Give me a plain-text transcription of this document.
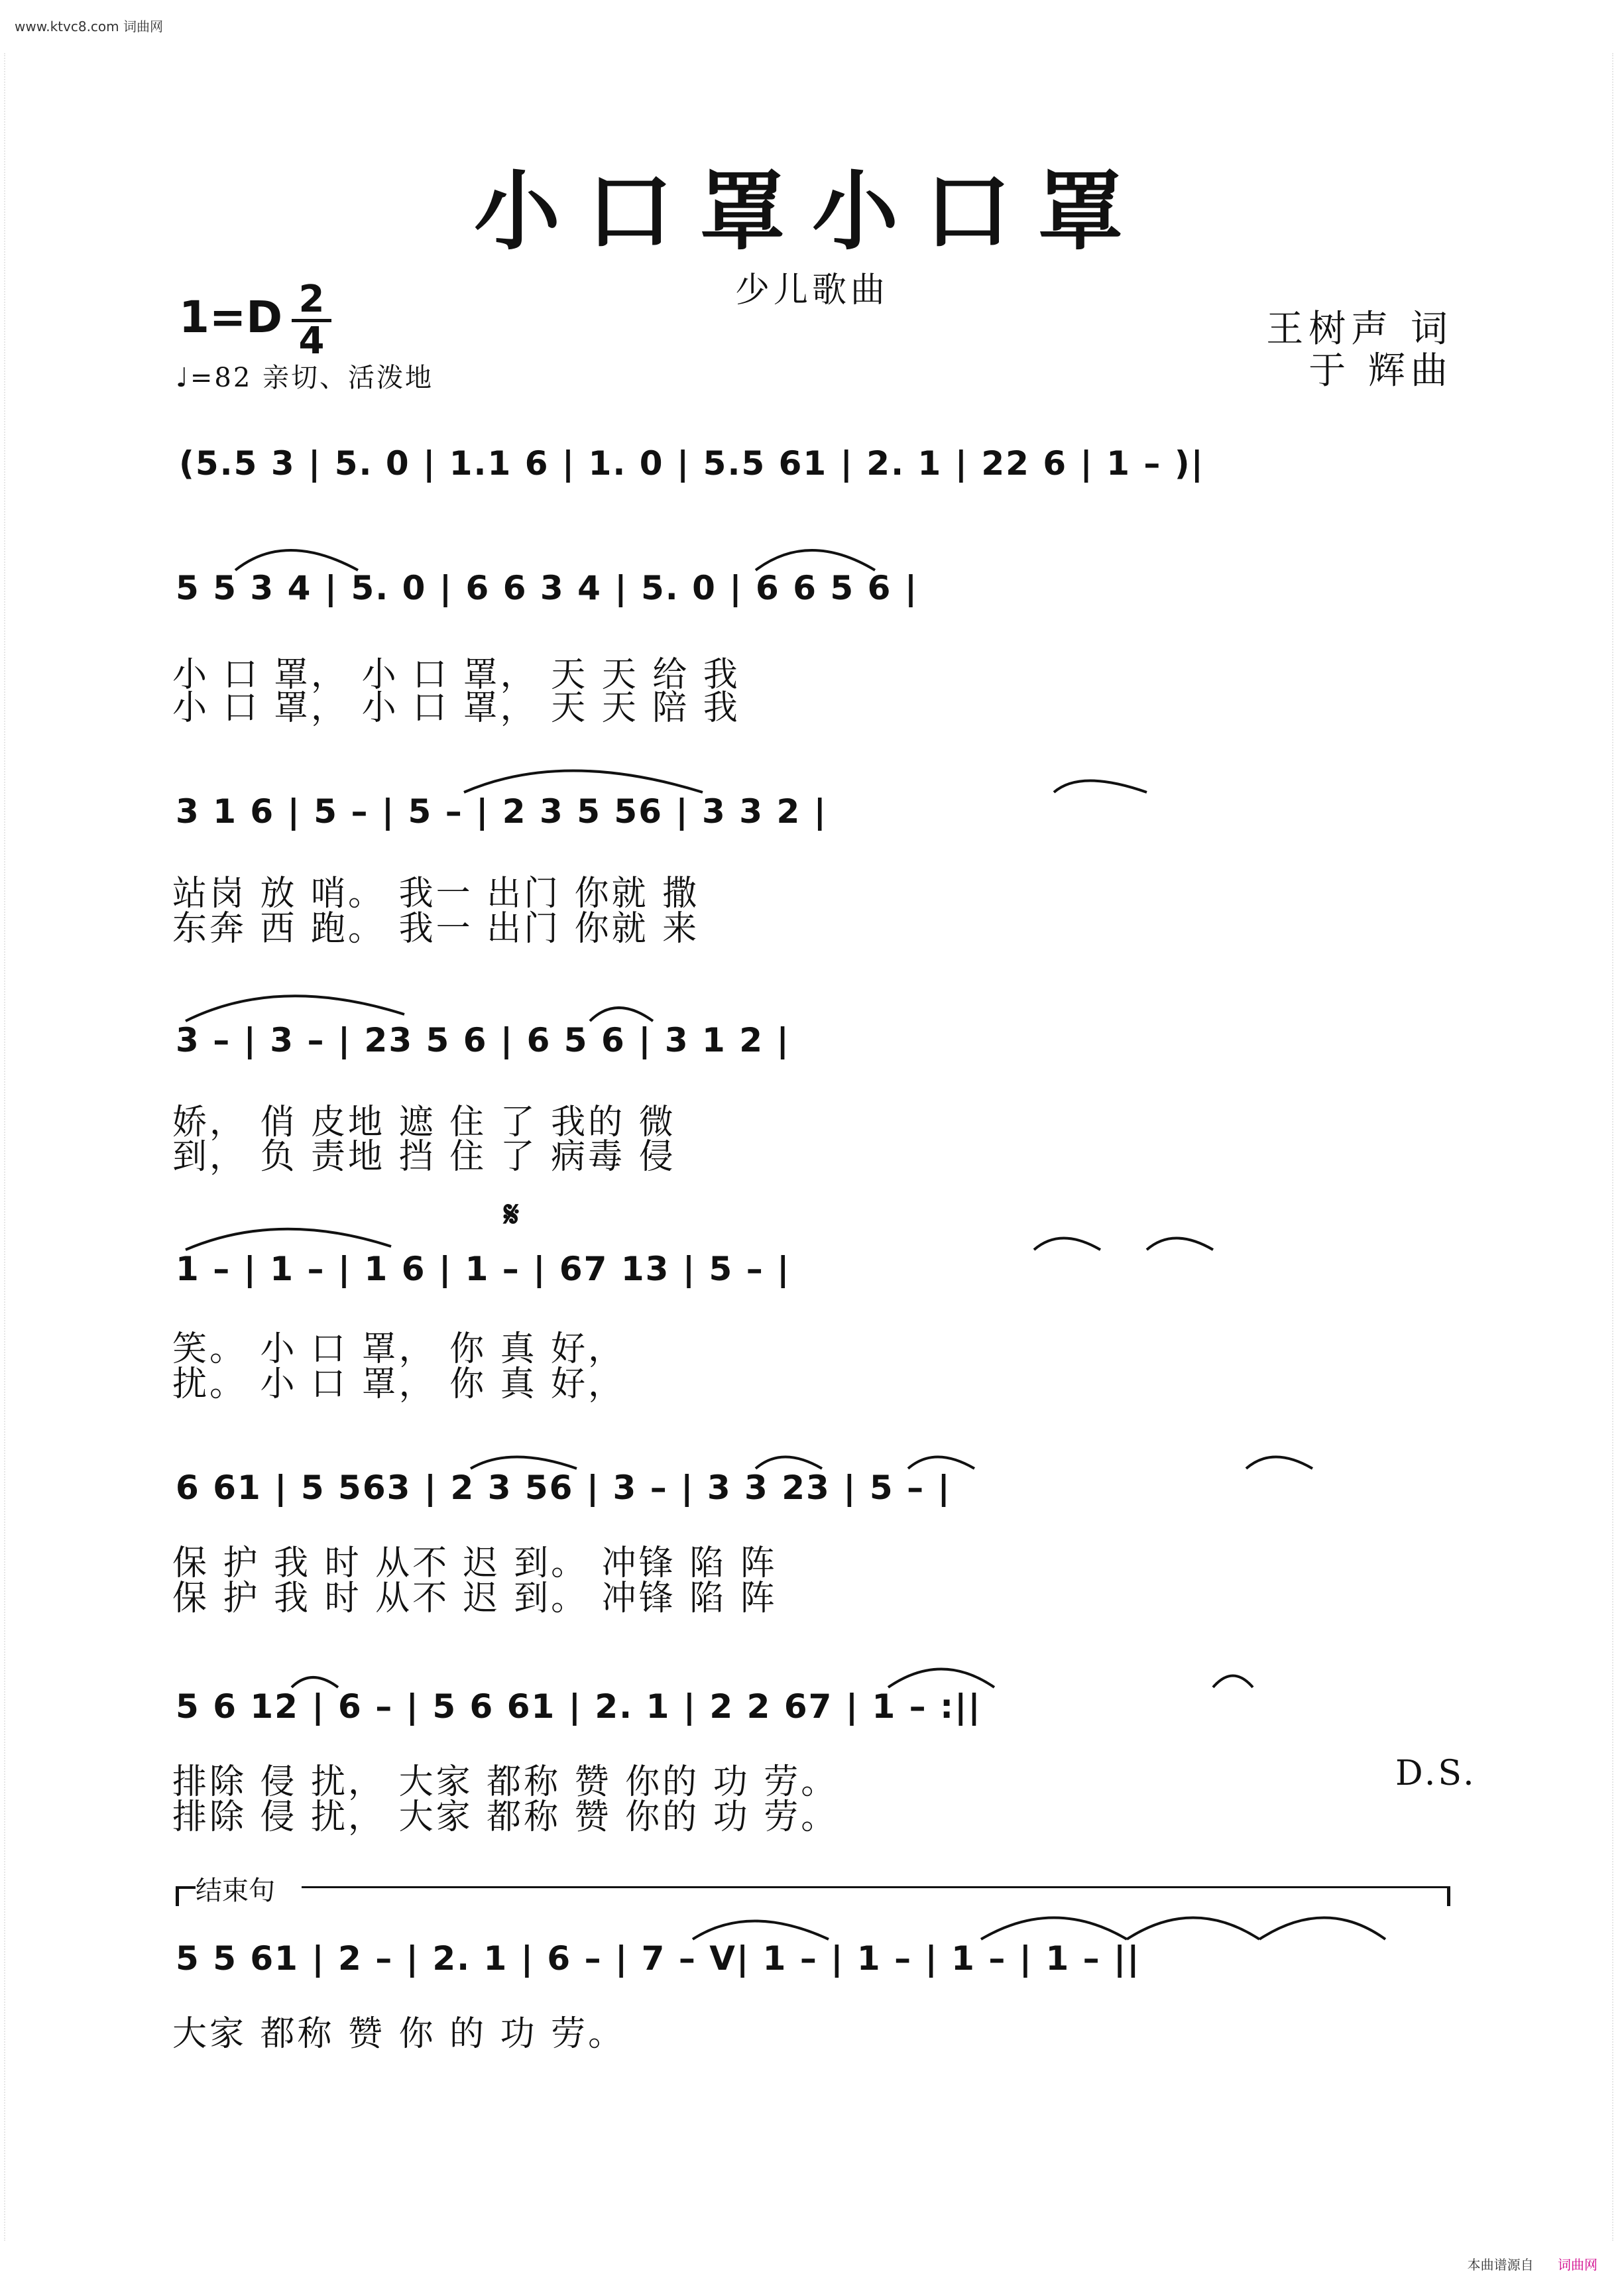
www.ktvc8.com 词曲网
小口罩小口罩
少儿歌曲
1=D 2
4
♩=82 亲切、活泼地
王树声 词
于 辉曲
(5.5 3 | 5. 0 | 1.1 6 | 1. 0 | 5.5 61 | 2. 1 | 22 6 | 1 – )|
5 5 3 4 | 5. 0 | 6 6 3 4 | 5. 0 | 6 6 5 6 |
小 口 罩， 小 口 罩， 天 天 给 我
小 口 罩， 小 口 罩， 天 天 陪 我
3 1 6 | 5 – | 5 – | 2 3 5 56 | 3 3 2 |
站岗 放 哨。 我一 出门 你就 撒
东奔 西 跑。 我一 出门 你就 来
3 – | 3 – | 23 5 6 | 6 5 6 | 3 1 2 |
娇， 俏 皮地 遮 住 了 我的 微
到， 负 责地 挡 住 了 病毒 侵
𝄋
1 – | 1 – | 1 6 | 1 – | 67 13 | 5 – |
笑。 小 口 罩， 你 真 好，
扰。 小 口 罩， 你 真 好，
6 61 | 5 563 | 2 3 56 | 3 – | 3 3 23 | 5 – |
保 护 我 时 从不 迟 到。 冲锋 陷 阵
保 护 我 时 从不 迟 到。 冲锋 陷 阵
5 6 12 | 6 – | 5 6 61 | 2. 1 | 2 2 67 | 1 – :||
排除 侵 扰， 大家 都称 赞 你的 功 劳。	D.S.
排除 侵 扰， 大家 都称 赞 你的 功 劳。
结束句
5 5 61 | 2 – | 2. 1 | 6 – | 7 – V| 1 – | 1 – | 1 – | 1 – ||
大家 都称 赞 你 的 功 劳。
本曲谱源自 词曲网
